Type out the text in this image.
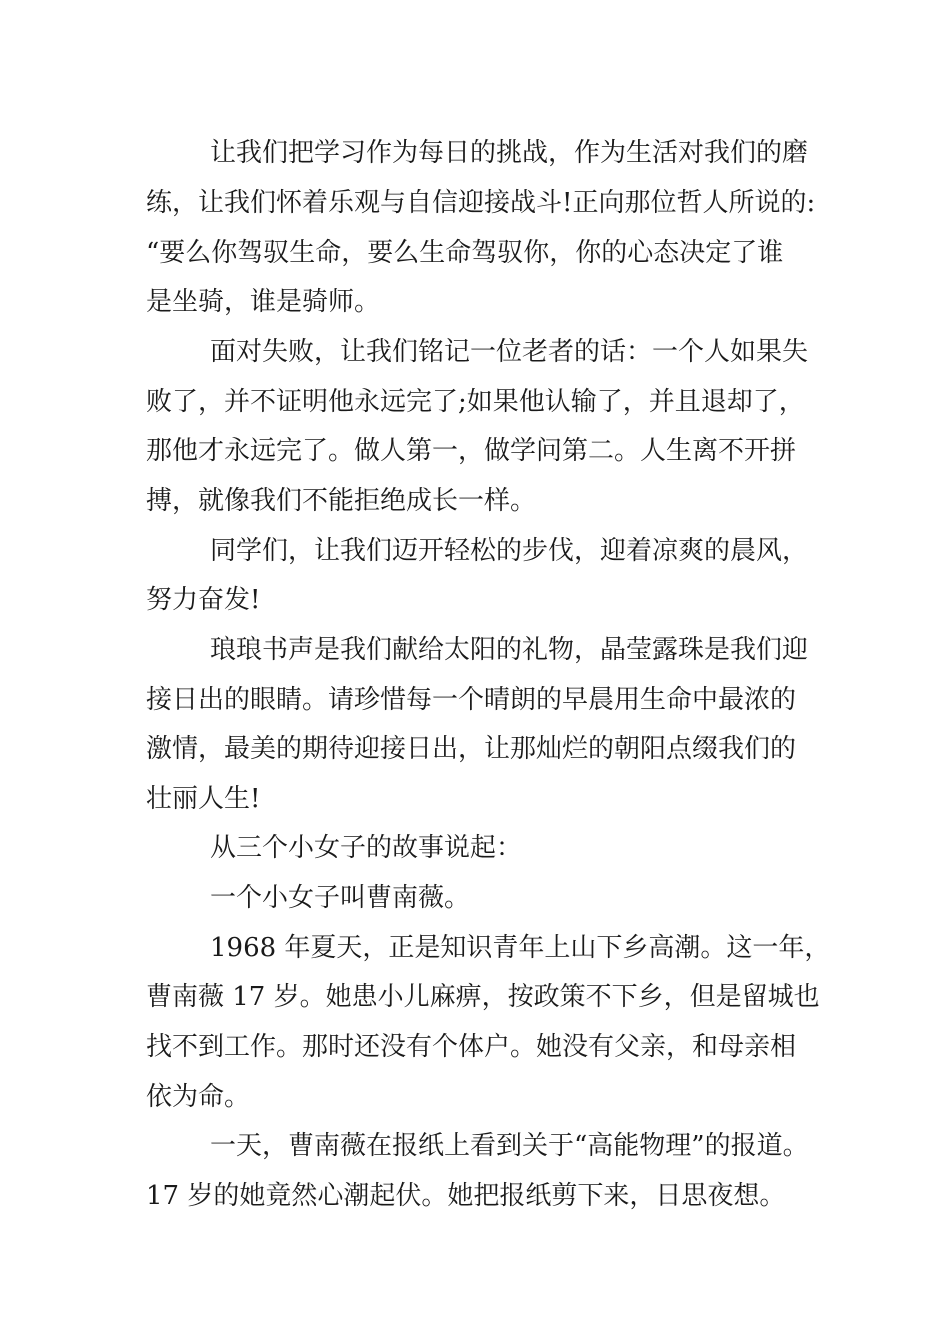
让我们把学习作为每日的挑战，作为生活对我们的磨
练，让我们怀着乐观与自信迎接战斗!正向那位哲人所说的:
“要么你驾驭生命，要么生命驾驭你，你的心态决定了谁
是坐骑，谁是骑师。
面对失败，让我们铭记一位老者的话：一个人如果失
败了，并不证明他永远完了;如果他认输了，并且退却了，
那他才永远完了。做人第一，做学问第二。人生离不开拼
搏，就像我们不能拒绝成长一样。
同学们，让我们迈开轻松的步伐，迎着凉爽的晨风，
努力奋发!
琅琅书声是我们献给太阳的礼物，晶莹露珠是我们迎
接日出的眼睛。请珍惜每一个晴朗的早晨用生命中最浓的
激情，最美的期待迎接日出，让那灿烂的朝阳点缀我们的
壮丽人生!
从三个小女子的故事说起：
一个小女子叫曹南薇。
1968 年夏天，正是知识青年上山下乡高潮。这一年，
曹南薇 17 岁。她患小儿麻痹，按政策不下乡，但是留城也
找不到工作。那时还没有个体户。她没有父亲，和母亲相
依为命。
一天，曹南薇在报纸上看到关于“高能物理”的报道。
17 岁的她竟然心潮起伏。她把报纸剪下来，日思夜想。
